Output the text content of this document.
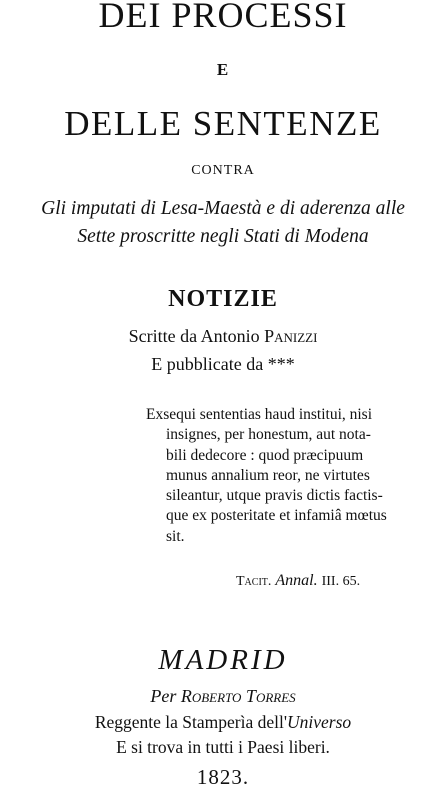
DEI PROCESSI
E
DELLE SENTENZE
CONTRA
Gli imputati di Lesa-Maestà e di aderenza alle
Sette proscritte negli Stati di Modena
NOTIZIE
Scritte da Antonio Panizzi
E pubblicate da ***
Exsequi sententias haud institui, nisi
insignes, per honestum, aut nota-
bili dedecore : quod præcipuum
munus annalium reor, ne virtutes
sileantur, utque pravis dictis factis-
que ex posteritate et infamiâ mœtus
sit.
Tacit. Annal. III. 65.
MADRID
Per Roberto Torres
Reggente la Stamperìa dell'Universo
E si trova in tutti i Paesi liberi.
1823.
